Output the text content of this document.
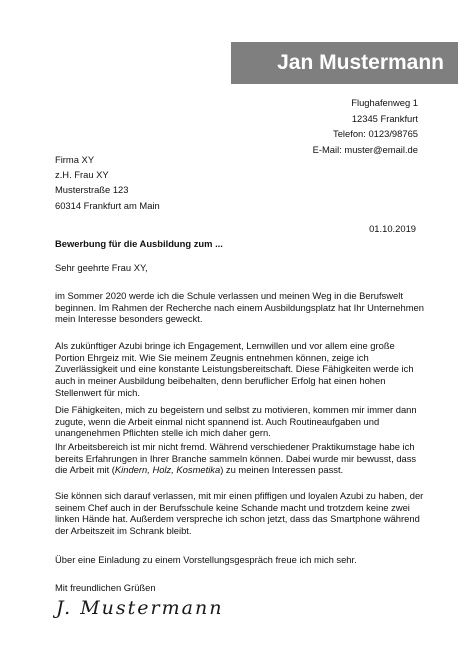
Jan Mustermann
Flughafenweg 1
12345 Frankfurt
Telefon: 0123/98765
E-Mail: muster@email.de
Firma XY
z.H. Frau XY
Musterstraße 123
60314 Frankfurt am Main
01.10.2019
Bewerbung für die Ausbildung zum ...
Sehr geehrte Frau XY,
im Sommer 2020 werde ich die Schule verlassen und meinen Weg in die Berufswelt beginnen. Im Rahmen der Recherche nach einem Ausbildungsplatz hat Ihr Unternehmen mein Interesse besonders geweckt.
Als zukünftiger Azubi bringe ich Engagement, Lernwillen und vor allem eine große Portion Ehrgeiz mit. Wie Sie meinem Zeugnis entnehmen können, zeige ich Zuverlässigkeit und eine konstante Leistungsbereitschaft. Diese Fähigkeiten werde ich auch in meiner Ausbildung beibehalten, denn beruflicher Erfolg hat einen hohen Stellenwert für mich.
Die Fähigkeiten, mich zu begeistern und selbst zu motivieren, kommen mir immer dann zugute, wenn die Arbeit einmal nicht spannend ist. Auch Routineaufgaben und unangenehmen Pflichten stelle ich mich daher gern.
Ihr Arbeitsbereich ist mir nicht fremd. Während verschiedener Praktikumstage habe ich bereits Erfahrungen in Ihrer Branche sammeln können. Dabei wurde mir bewusst, dass die Arbeit mit (Kindern, Holz, Kosmetika) zu meinen Interessen passt.
Sie können sich darauf verlassen, mit mir einen pfiffigen und loyalen Azubi zu haben, der seinem Chef auch in der Berufsschule keine Schande macht und trotzdem keine zwei linken Hände hat. Außerdem verspreche ich schon jetzt, dass das Smartphone während der Arbeitszeit im Schrank bleibt.
Über eine Einladung zu einem Vorstellungsgespräch freue ich mich sehr.
Mit freundlichen Grüßen
J. Mustermann
